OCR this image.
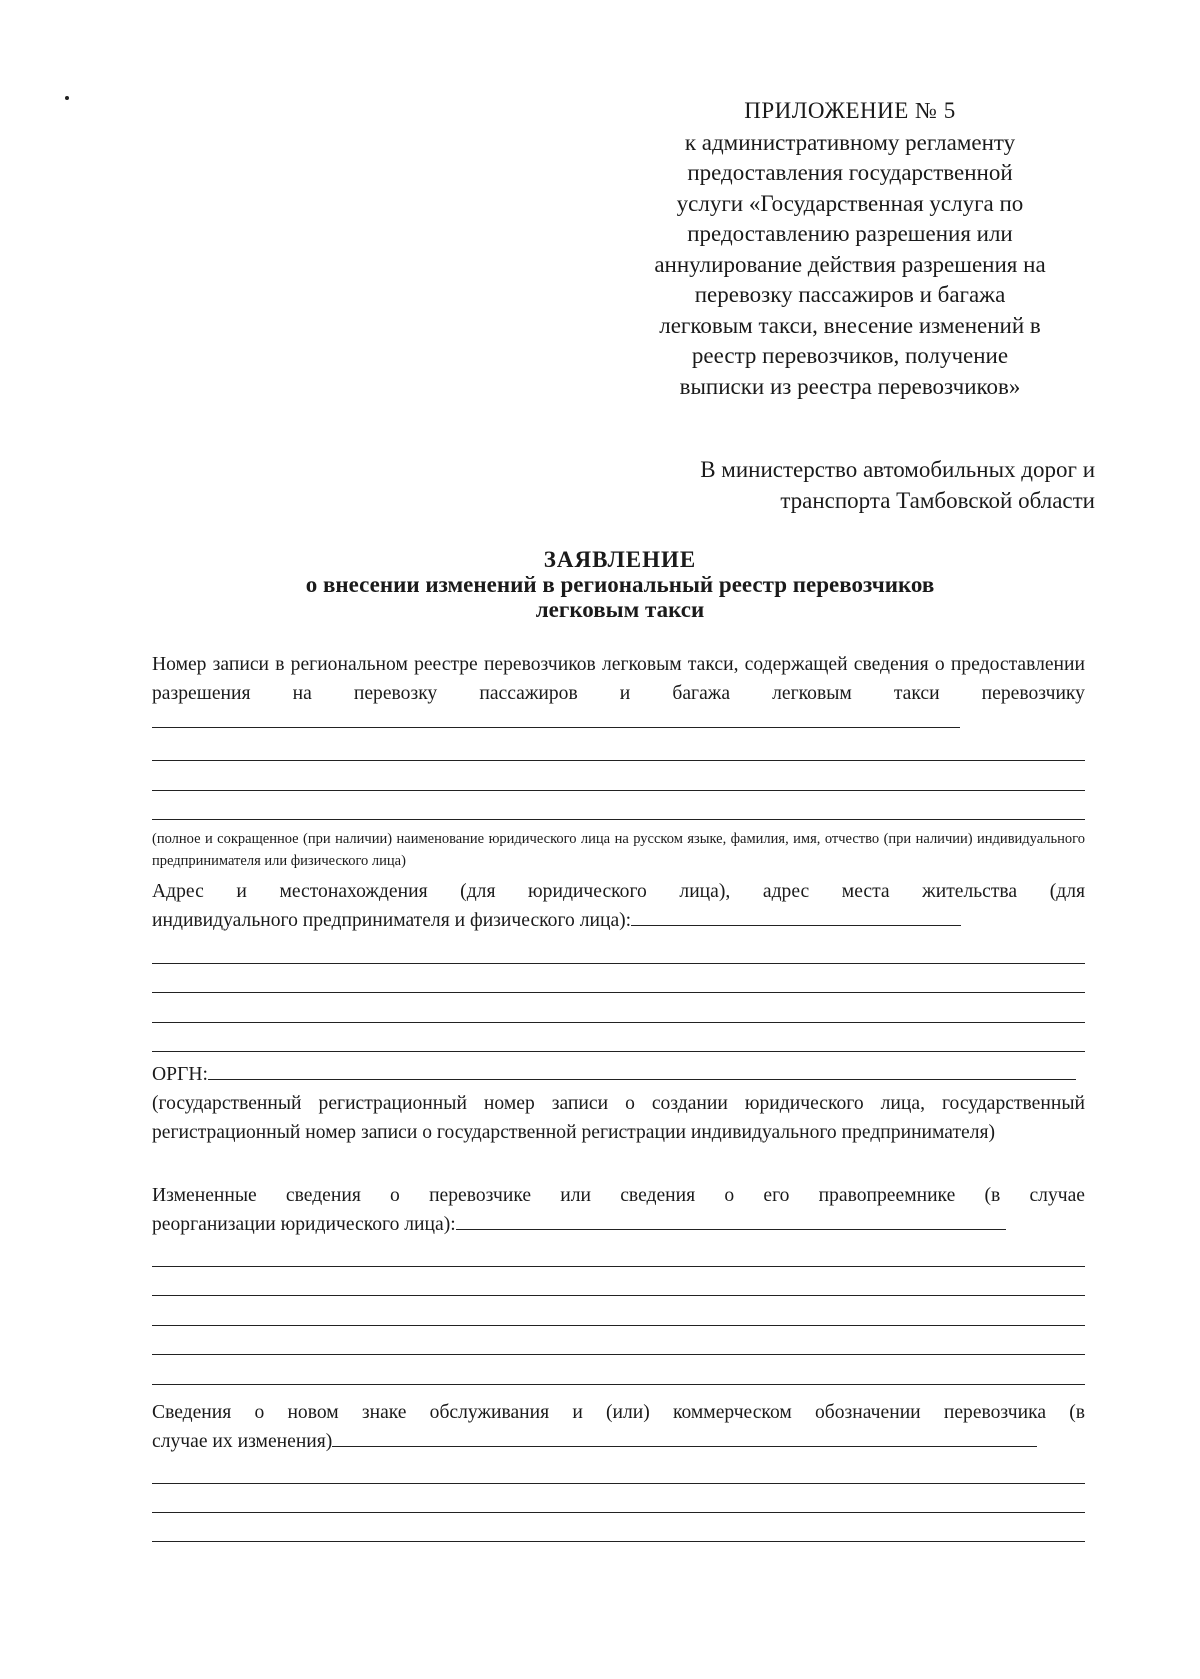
ПРИЛОЖЕНИЕ № 5
к административному регламенту
предоставления государственной
услуги «Государственная услуга по
предоставлению разрешения или
аннулирование действия разрешения на
перевозку пассажиров и багажа
легковым такси, внесение изменений в
реестр перевозчиков, получение
выписки из реестра перевозчиков»
В министерство автомобильных дорог и
транспорта Тамбовской области
ЗАЯВЛЕНИЕ
о внесении изменений в региональный реестр перевозчиков
легковым такси
Номер записи в региональном реестре перевозчиков легковым такси, содержащей сведения о предоставлении разрешения на перевозку пассажиров и багажа легковым такси перевозчику
(полное и сокращенное (при наличии) наименование юридического лица на русском языке, фамилия, имя, отчество (при наличии) индивидуального предпринимателя или физического лица)
Адрес и местонахождения (для юридического лица), адрес места жительства (для
индивидуального предпринимателя и физического лица):
ОРГН:
(государственный регистрационный номер записи о создании юридического лица, государственный регистрационный номер записи о государственной регистрации индивидуального предпринимателя)
Измененные сведения о перевозчике или сведения о его правопреемнике (в случае
реорганизации юридического лица):
Сведения о новом знаке обслуживания и (или) коммерческом обозначении перевозчика (в
случае их изменения)
